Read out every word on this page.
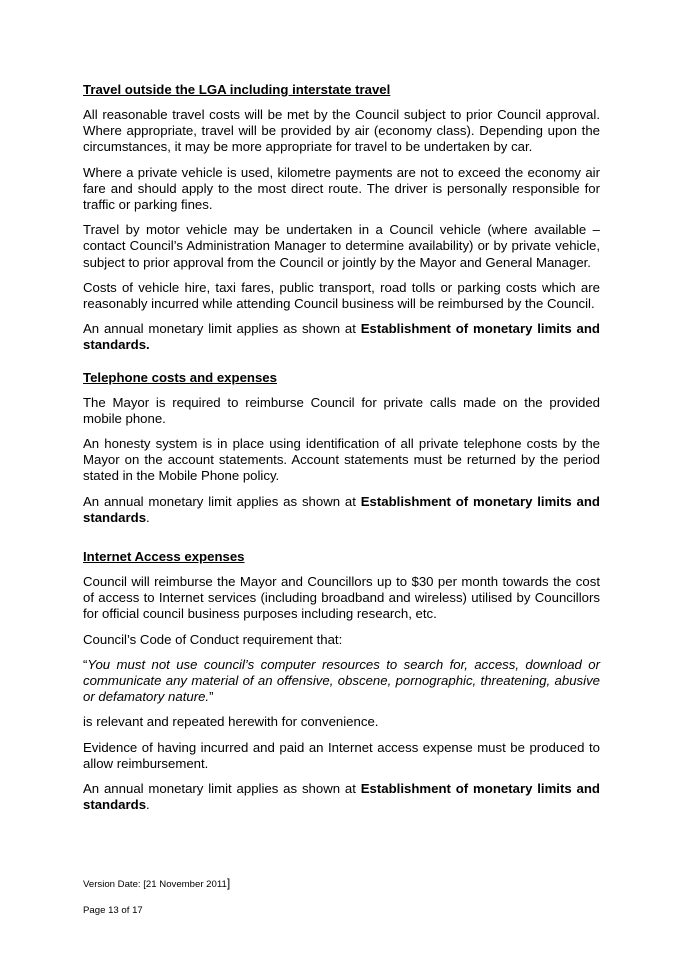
Travel outside the LGA including interstate travel

All reasonable travel costs will be met by the Council subject to prior Council approval. Where appropriate, travel will be provided by air (economy class). Depending upon the circumstances, it may be more appropriate for travel to be undertaken by car.

Where a private vehicle is used, kilometre payments are not to exceed the economy air fare and should apply to the most direct route. The driver is personally responsible for traffic or parking fines.

Travel by motor vehicle may be undertaken in a Council vehicle (where available – contact Council’s Administration Manager to determine availability) or by private vehicle, subject to prior approval from the Council or jointly by the Mayor and General Manager.

Costs of vehicle hire, taxi fares, public transport, road tolls or parking costs which are reasonably incurred while attending Council business will be reimbursed by the Council.

An annual monetary limit applies as shown at Establishment of monetary limits and standards.

Telephone costs and expenses

The Mayor is required to reimburse Council for private calls made on the provided mobile phone.

An honesty system is in place using identification of all private telephone costs by the Mayor on the account statements. Account statements must be returned by the period stated in the Mobile Phone policy.

An annual monetary limit applies as shown at Establishment of monetary limits and standards.

Internet Access expenses

Council will reimburse the Mayor and Councillors up to $30 per month towards the cost of access to Internet services (including broadband and wireless) utilised by Councillors for official council business purposes including research, etc.

Council’s Code of Conduct requirement that:

“You must not use council’s computer resources to search for, access, download or communicate any material of an offensive, obscene, pornographic, threatening, abusive or defamatory nature.”

is relevant and repeated herewith for convenience.

Evidence of having incurred and paid an Internet access expense must be produced to allow reimbursement.

An annual monetary limit applies as shown at Establishment of monetary limits and standards.

Version Date: [21 November 2011]
Page 13 of 17
